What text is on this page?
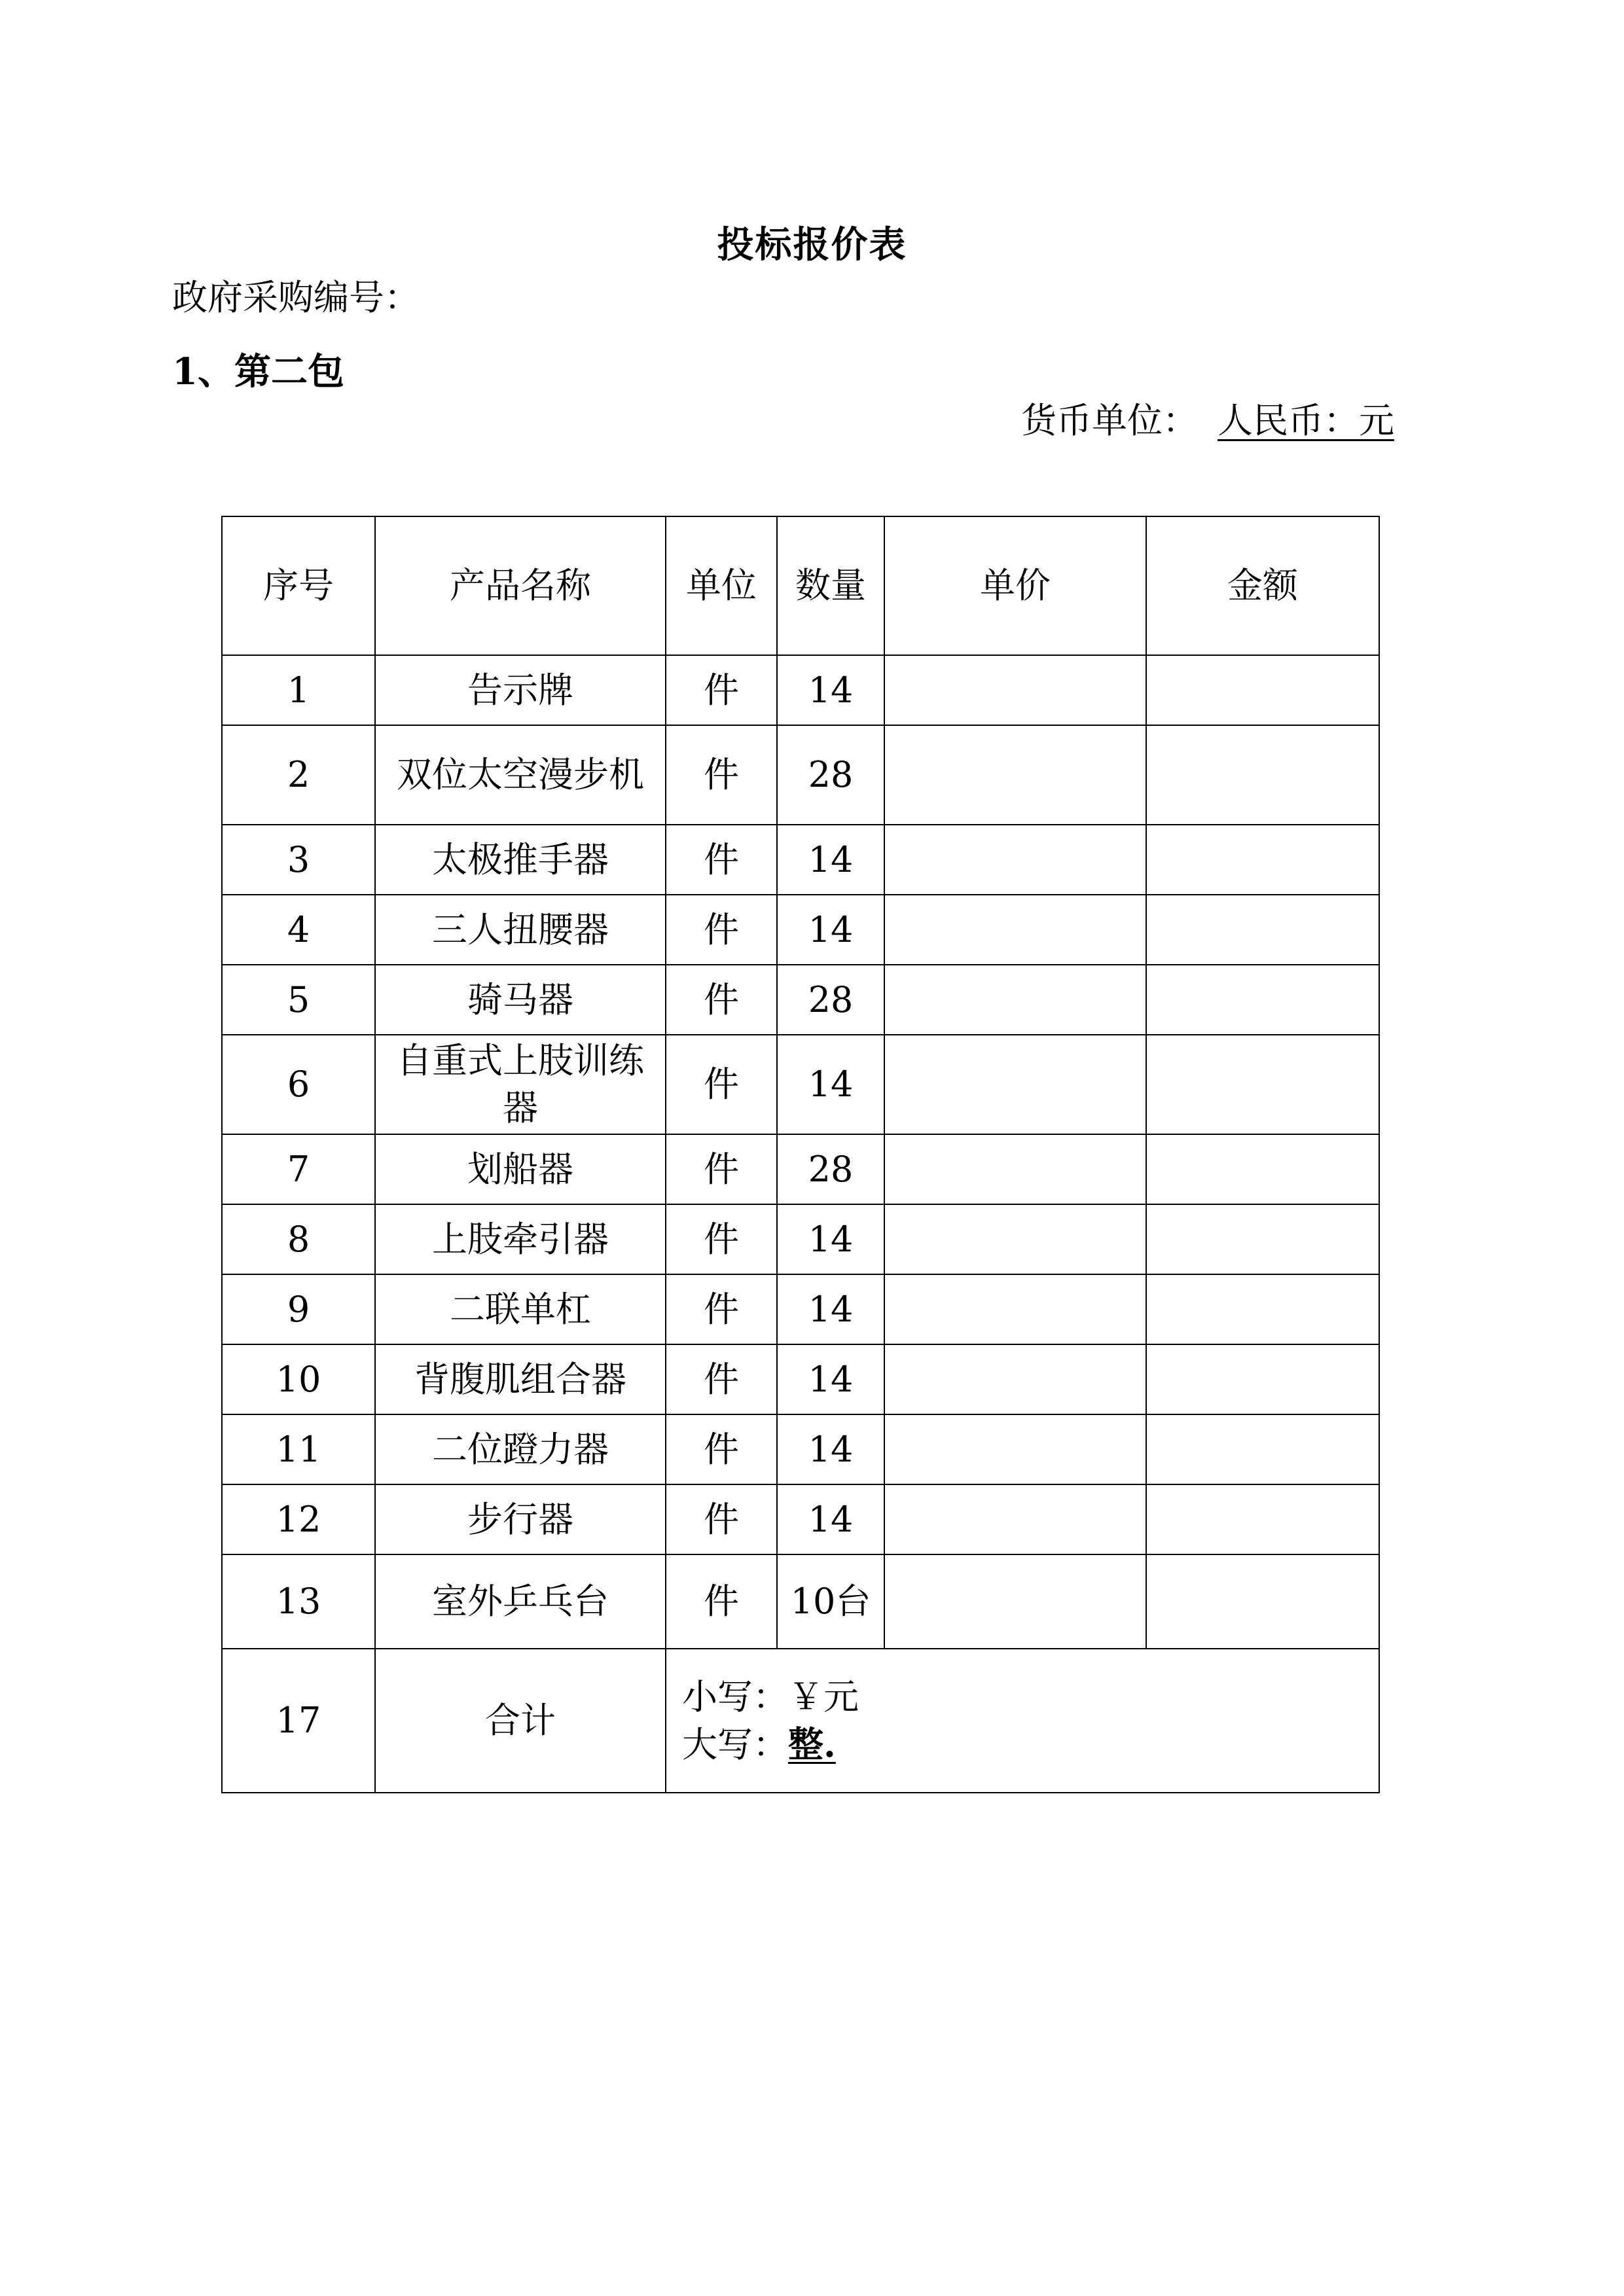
投标报价表
政府采购编号：
1、第二包
货币单位： 人民币：元
序号	产品名称	单位	数量	单价	金额
1	告示牌	件	14		
2	双位太空漫步机	件	28		
3	太极推手器	件	14		
4	三人扭腰器	件	14		
5	骑马器	件	28		
6	自重式上肢训练器	件	14		
7	划船器	件	28		
8	上肢牵引器	件	14		
9	二联单杠	件	14		
10	背腹肌组合器	件	14		
11	二位蹬力器	件	14		
12	步行器	件	14		
13	室外乒乓台	件	10台		
17	合计	小写：￥元
大写：整.			
